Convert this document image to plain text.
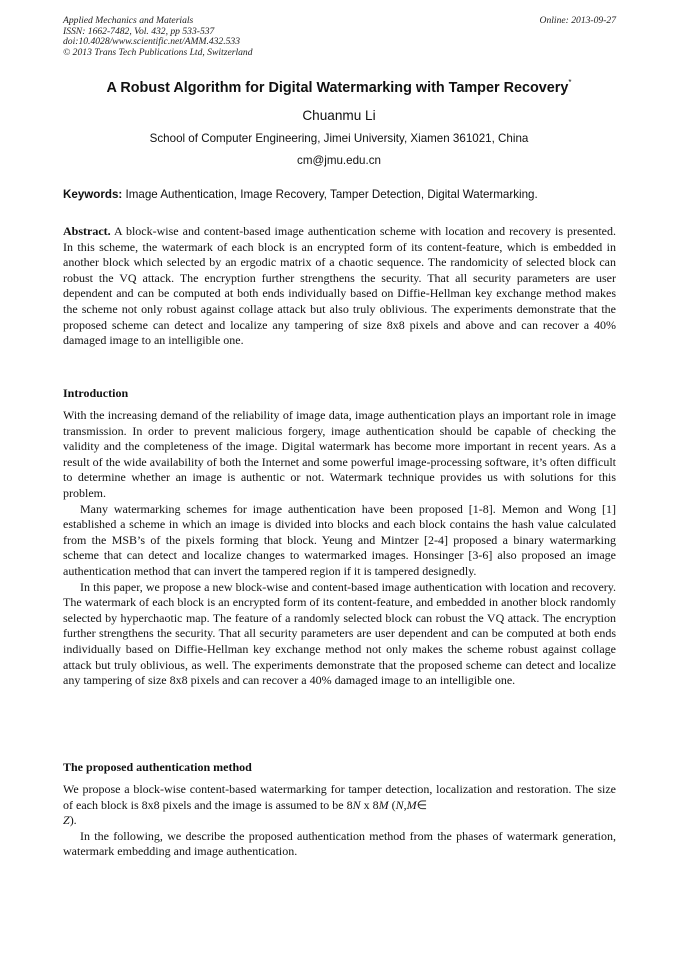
Applied Mechanics and Materials
ISSN: 1662-7482, Vol. 432, pp 533-537
doi:10.4028/www.scientific.net/AMM.432.533
© 2013 Trans Tech Publications Ltd, Switzerland
Online: 2013-09-27
A Robust Algorithm for Digital Watermarking with Tamper Recovery*
Chuanmu Li
School of Computer Engineering, Jimei University, Xiamen 361021, China
cm@jmu.edu.cn
Keywords: Image Authentication, Image Recovery, Tamper Detection, Digital Watermarking.

Abstract. A block-wise and content-based image authentication scheme with location and recovery is presented. In this scheme, the watermark of each block is an encrypted form of its content-feature, which is embedded in another block which selected by an ergodic matrix of a chaotic sequence. The randomicity of selected block can robust the VQ attack. The encryption further strengthens the security. That all security parameters are user dependent and can be computed at both ends individually based on Diffie-Hellman key exchange method makes the scheme not only robust against collage attack but also truly oblivious. The experiments demonstrate that the proposed scheme can detect and localize any tampering of size 8x8 pixels and above and can recover a 40% damaged image to an intelligible one.

Introduction

With the increasing demand of the reliability of image data, image authentication plays an important role in image transmission. In order to prevent malicious forgery, image authentication should be capable of checking the validity and the completeness of the image. Digital watermark has become more important in recent years. As a result of the wide availability of both the Internet and some powerful image-processing software, it’s often difficult to determine whether an image is authentic or not. Watermark technique provides us with solutions for this problem.

Many watermarking schemes for image authentication have been proposed [1-8]. Memon and Wong [1] established a scheme in which an image is divided into blocks and each block contains the hash value calculated from the MSB’s of the pixels forming that block. Yeung and Mintzer [2-4] proposed a binary watermarking scheme that can detect and localize changes to watermarked images. Honsinger [3-6] also proposed an image authentication method that can invert the tampered region if it is tampered designedly.

In this paper, we propose a new block-wise and content-based image authentication with location and recovery. The watermark of each block is an encrypted form of its content-feature, and embedded in another block randomly selected by hyperchaotic map. The feature of a randomly selected block can robust the VQ attack. The encryption further strengthens the security. That all security parameters are user dependent and can be computed at both ends individually based on Diffie-Hellman key exchange method not only makes the scheme robust against collage attack but truly oblivious, as well. The experiments demonstrate that the proposed scheme can detect and localize any tampering of size 8x8 pixels and can recover a 40% damaged image to an intelligible one.

The proposed authentication method

We propose a block-wise content-based watermarking for tamper detection, localization and restoration. The size of each block is 8x8 pixels and the image is assumed to be 8N x 8M (N,M∈
Z).

In the following, we describe the proposed authentication method from the phases of watermark generation, watermark embedding and image authentication.
